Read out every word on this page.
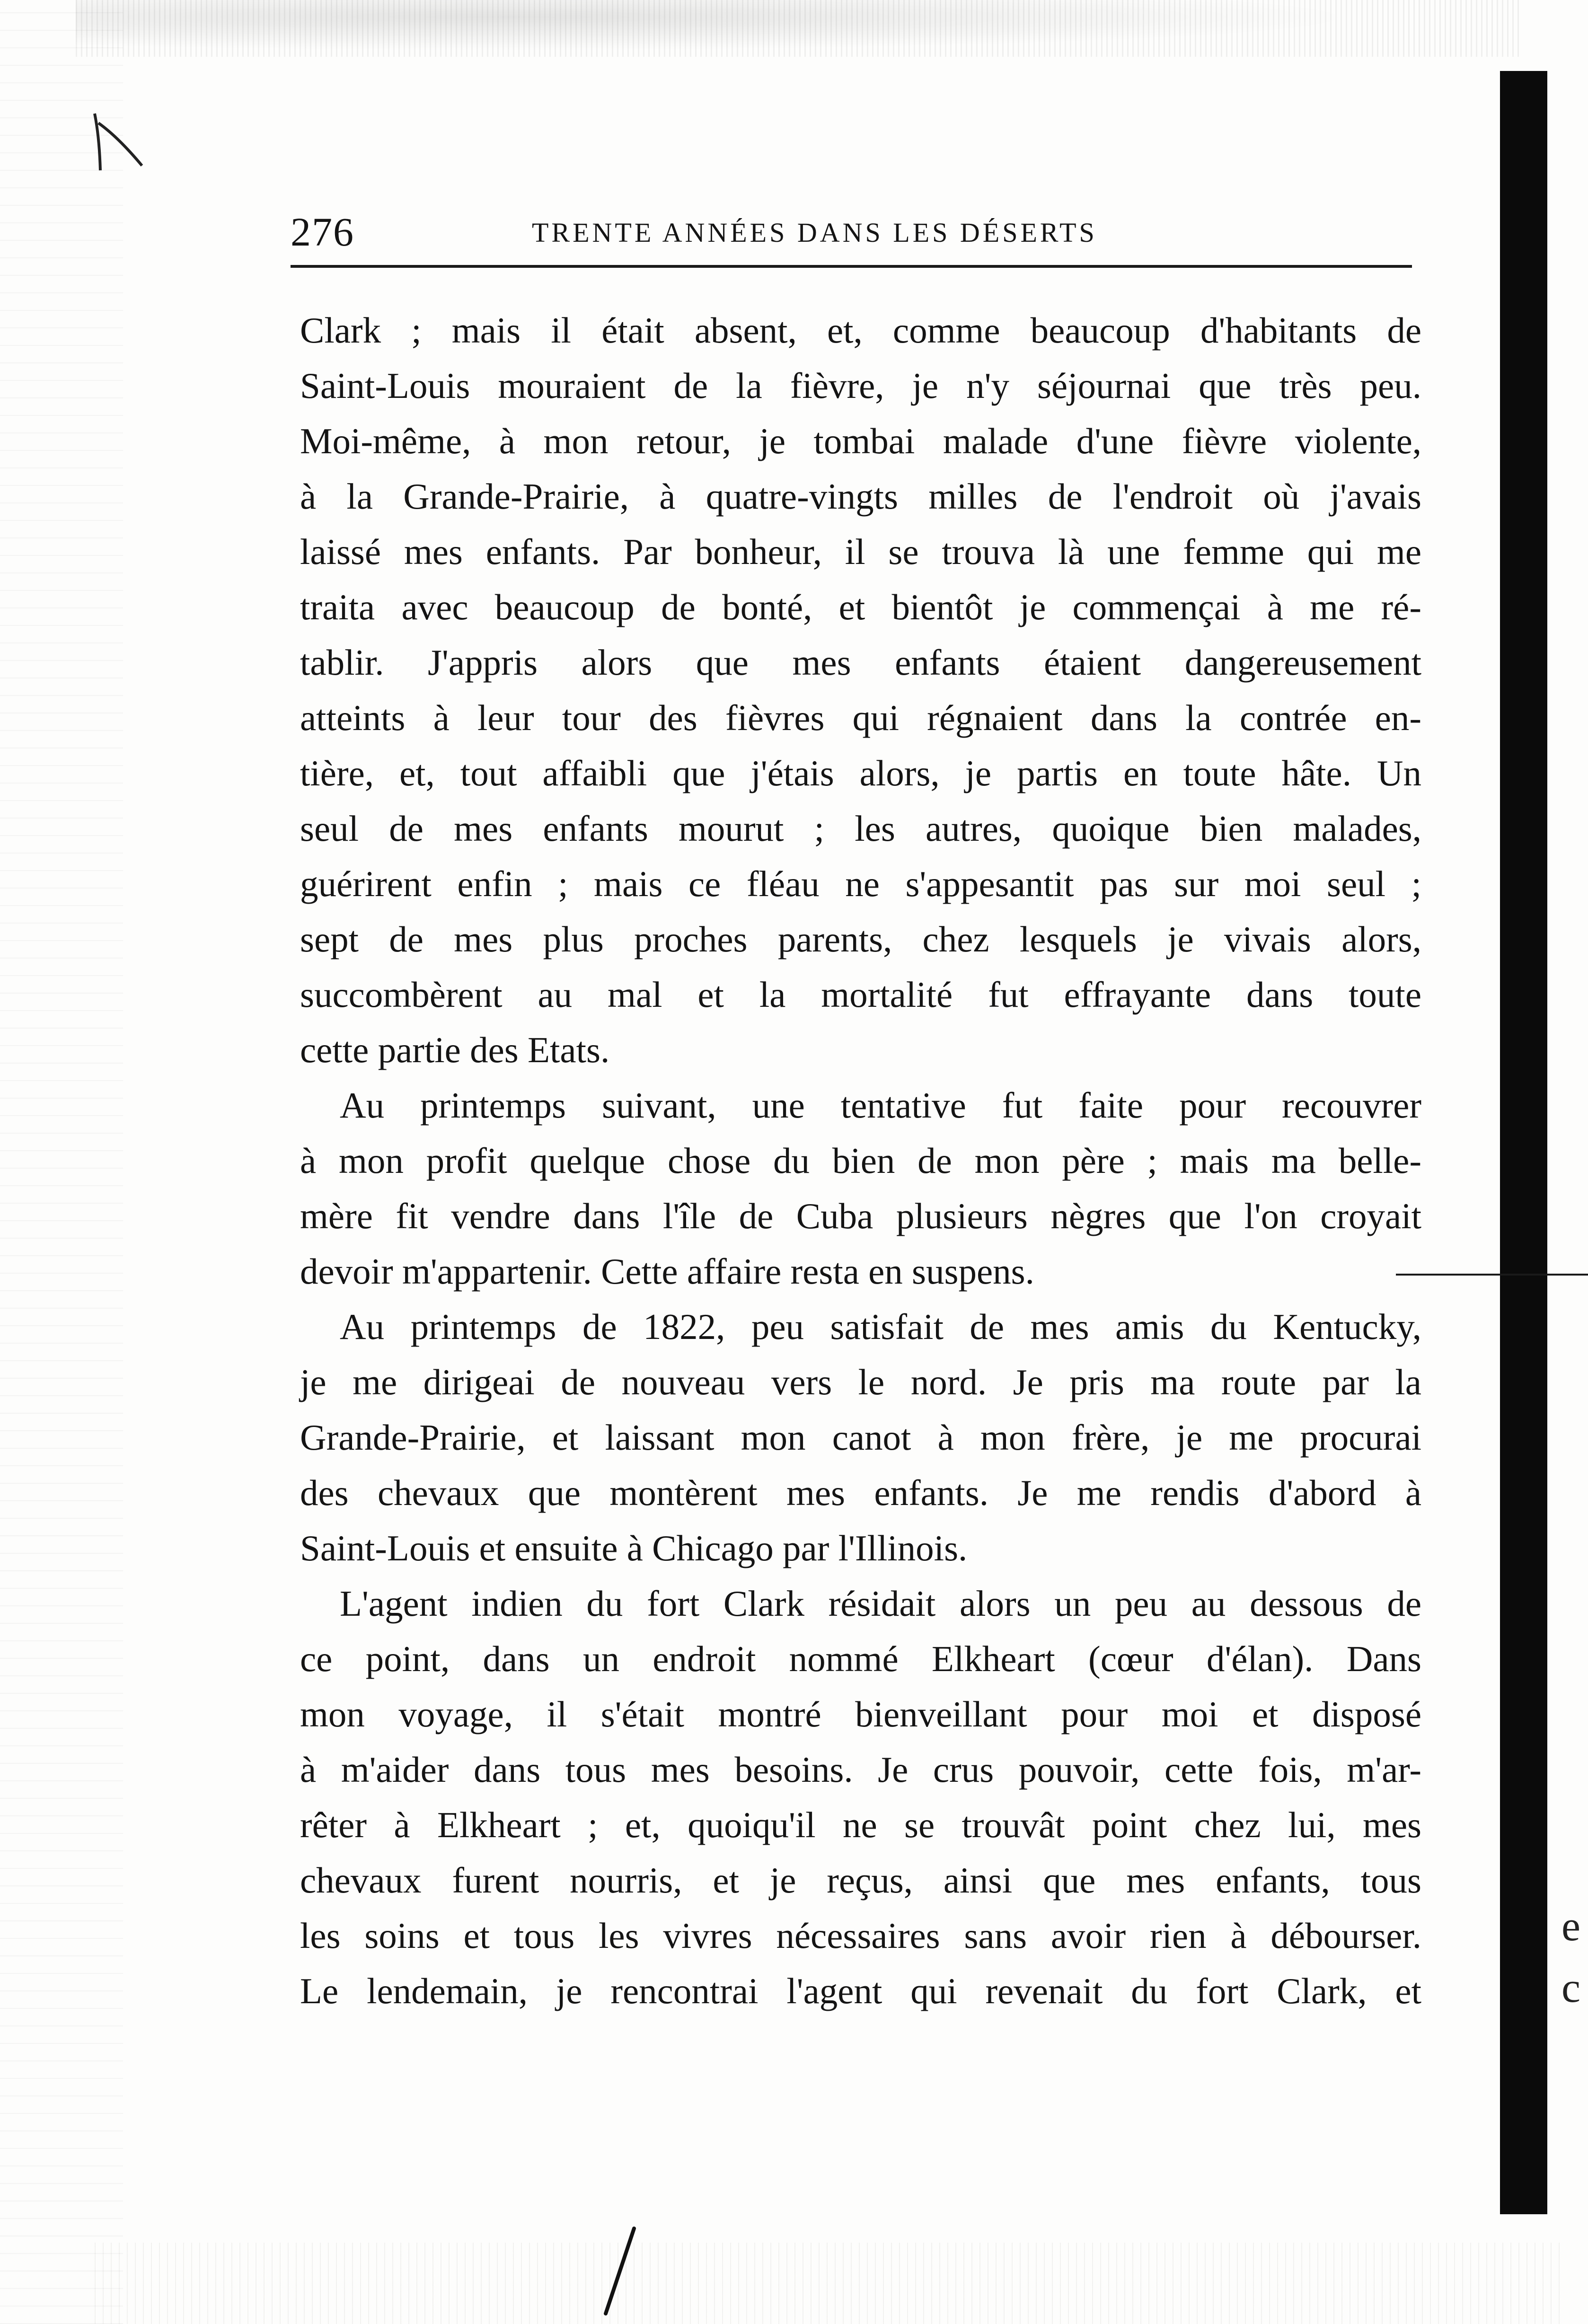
e
c
276	TRENTE ANNÉES DANS LES DÉSERTS
Clark ; mais il était absent, et, comme beaucoup d'habitants de
Saint-Louis mouraient de la fièvre, je n'y séjournai que très peu.
Moi-même, à mon retour, je tombai malade d'une fièvre violente,
à la Grande-Prairie, à quatre-vingts milles de l'endroit où j'avais
laissé mes enfants. Par bonheur, il se trouva là une femme qui me
traita avec beaucoup de bonté, et bientôt je commençai à me ré-
tablir. J'appris alors que mes enfants étaient dangereusement
atteints à leur tour des fièvres qui régnaient dans la contrée en-
tière, et, tout affaibli que j'étais alors, je partis en toute hâte. Un
seul de mes enfants mourut ; les autres, quoique bien malades,
guérirent enfin ; mais ce fléau ne s'appesantit pas sur moi seul ;
sept de mes plus proches parents, chez lesquels je vivais alors,
succombèrent au mal et la mortalité fut effrayante dans toute
cette partie des Etats.
Au printemps suivant, une tentative fut faite pour recouvrer
à mon profit quelque chose du bien de mon père ; mais ma belle-
mère fit vendre dans l'île de Cuba plusieurs nègres que l'on croyait
devoir m'appartenir. Cette affaire resta en suspens.
Au printemps de 1822, peu satisfait de mes amis du Kentucky,
je me dirigeai de nouveau vers le nord. Je pris ma route par la
Grande-Prairie, et laissant mon canot à mon frère, je me procurai
des chevaux que montèrent mes enfants. Je me rendis d'abord à
Saint-Louis et ensuite à Chicago par l'Illinois.
L'agent indien du fort Clark résidait alors un peu au dessous de
ce point, dans un endroit nommé Elkheart (cœur d'élan). Dans
mon voyage, il s'était montré bienveillant pour moi et disposé
à m'aider dans tous mes besoins. Je crus pouvoir, cette fois, m'ar-
rêter à Elkheart ; et, quoiqu'il ne se trouvât point chez lui, mes
chevaux furent nourris, et je reçus, ainsi que mes enfants, tous
les soins et tous les vivres nécessaires sans avoir rien à débourser.
Le lendemain, je rencontrai l'agent qui revenait du fort Clark, et
